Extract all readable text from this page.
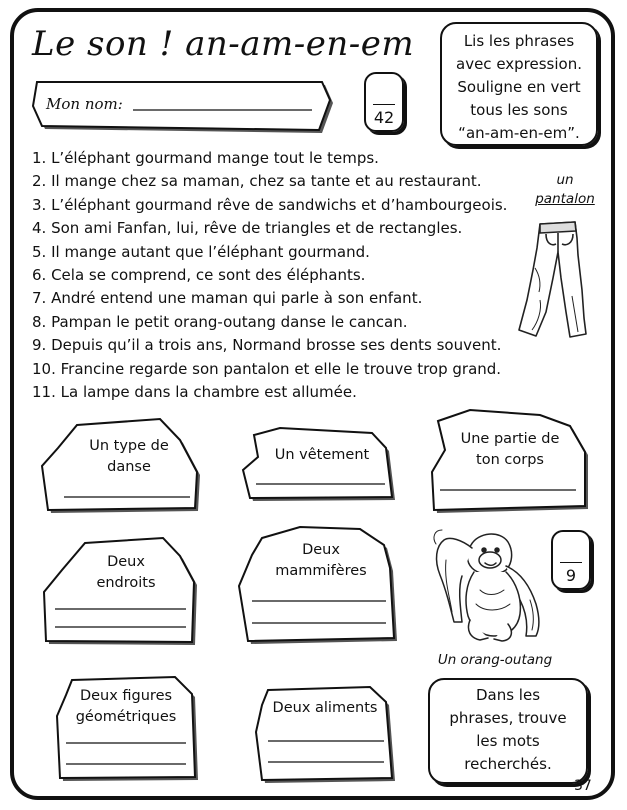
Le son ! an-am-en-em	Lis les phrases
avec expression.
Souligne en vert
tous les sons
“an-am-en-em”.
Mon nom:
42
1. L’éléphant gourmand mange tout le temps.
2. Il mange chez sa maman, chez sa tante et au restaurant.
3. L’éléphant gourmand rêve de sandwichs et d’hambourgeois.
4. Son ami Fanfan, lui, rêve de triangles et de rectangles.
5. Il mange autant que l’éléphant gourmand.
6. Cela se comprend, ce sont des éléphants.
7. André entend une maman qui parle à son enfant.
8. Pampan le petit orang-outang danse le cancan.
9. Depuis qu’il a trois ans, Normand brosse ses dents souvent.
10. Francine regarde son pantalon et elle le trouve trop grand.
11. La lampe dans la chambre est allumée.
un
pantalon
Un type de
danse
Un vêtement
Une partie de
ton corps
Deux
endroits
Deux
mammifères
Deux figures
géométriques
Deux aliments
9
Un orang-outang
Dans les
phrases, trouve
les mots
recherchés.
37
